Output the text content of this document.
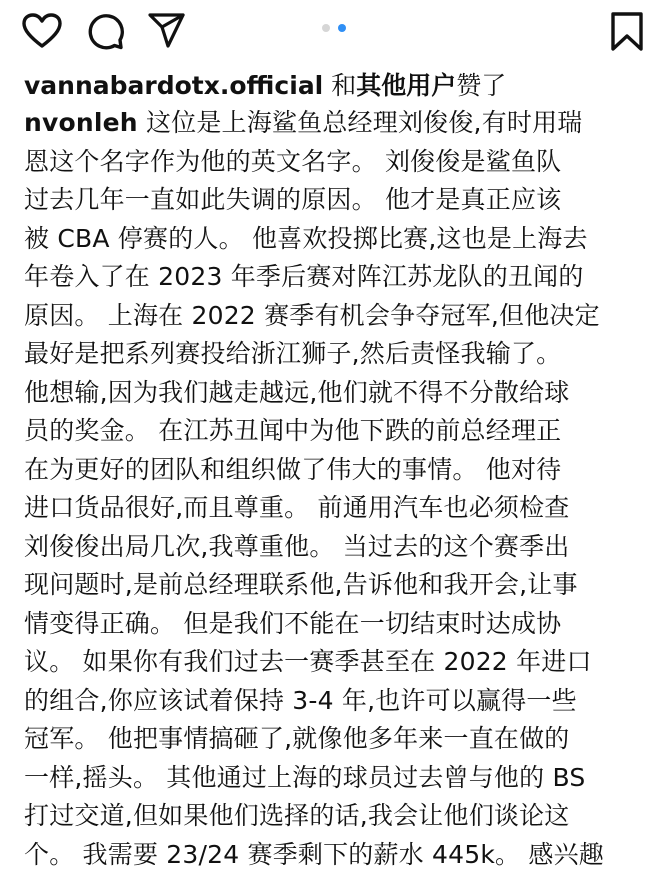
vannabardotx.official 和其他用户赞了
nvonleh 这位是上海鲨鱼总经理刘俊俊,有时用瑞
恩这个名字作为他的英文名字。 刘俊俊是鲨鱼队
过去几年一直如此失调的原因。 他才是真正应该
被 CBA 停赛的人。 他喜欢投掷比赛,这也是上海去
年卷入了在 2023 年季后赛对阵江苏龙队的丑闻的
原因。 上海在 2022 赛季有机会争夺冠军,但他决定
最好是把系列赛投给浙江狮子,然后责怪我输了。
他想输,因为我们越走越远,他们就不得不分散给球
员的奖金。 在江苏丑闻中为他下跌的前总经理正
在为更好的团队和组织做了伟大的事情。 他对待
进口货品很好,而且尊重。 前通用汽车也必须检查
刘俊俊出局几次,我尊重他。 当过去的这个赛季出
现问题时,是前总经理联系他,告诉他和我开会,让事
情变得正确。 但是我们不能在一切结束时达成协
议。 如果你有我们过去一赛季甚至在 2022 年进口
的组合,你应该试着保持 3-4 年,也许可以赢得一些
冠军。 他把事情搞砸了,就像他多年来一直在做的
一样,摇头。 其他通过上海的球员过去曾与他的 BS
打过交道,但如果他们选择的话,我会让他们谈论这
个。 我需要 23/24 赛季剩下的薪水 445k。 感兴趣
